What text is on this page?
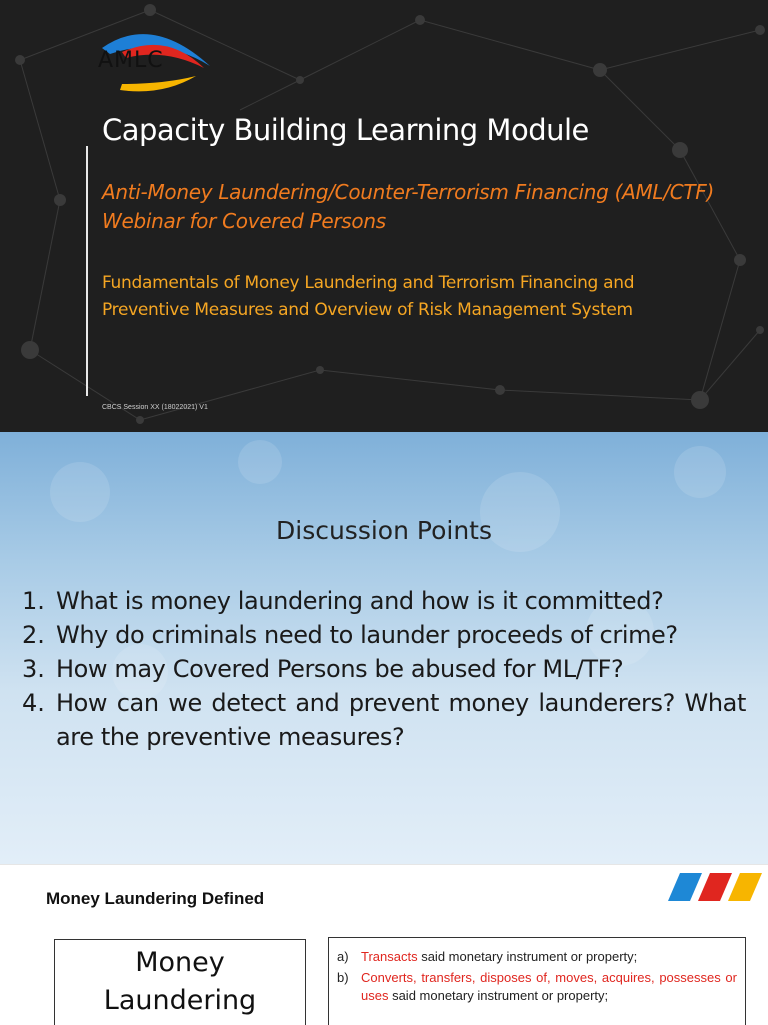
AMLC
Capacity Building Learning Module
Anti-Money Laundering/Counter-Terrorism Financing (AML/CTF) Webinar for Covered Persons
Fundamentals of Money Laundering and Terrorism Financing and Preventive Measures and Overview of Risk Management System
CBCS Session XX (18022021) V1
Discussion Points
1. What is money laundering and how is it committed?
2. Why do criminals need to launder proceeds of crime?
3. How may Covered Persons be abused for ML/TF?
4. How can we detect and prevent money launderers? What are the preventive measures?
Money Laundering Defined
Money Laundering
a) Transacts said monetary instrument or property;
b) Converts, transfers, disposes of, moves, acquires, possesses or uses said monetary instrument or property;
